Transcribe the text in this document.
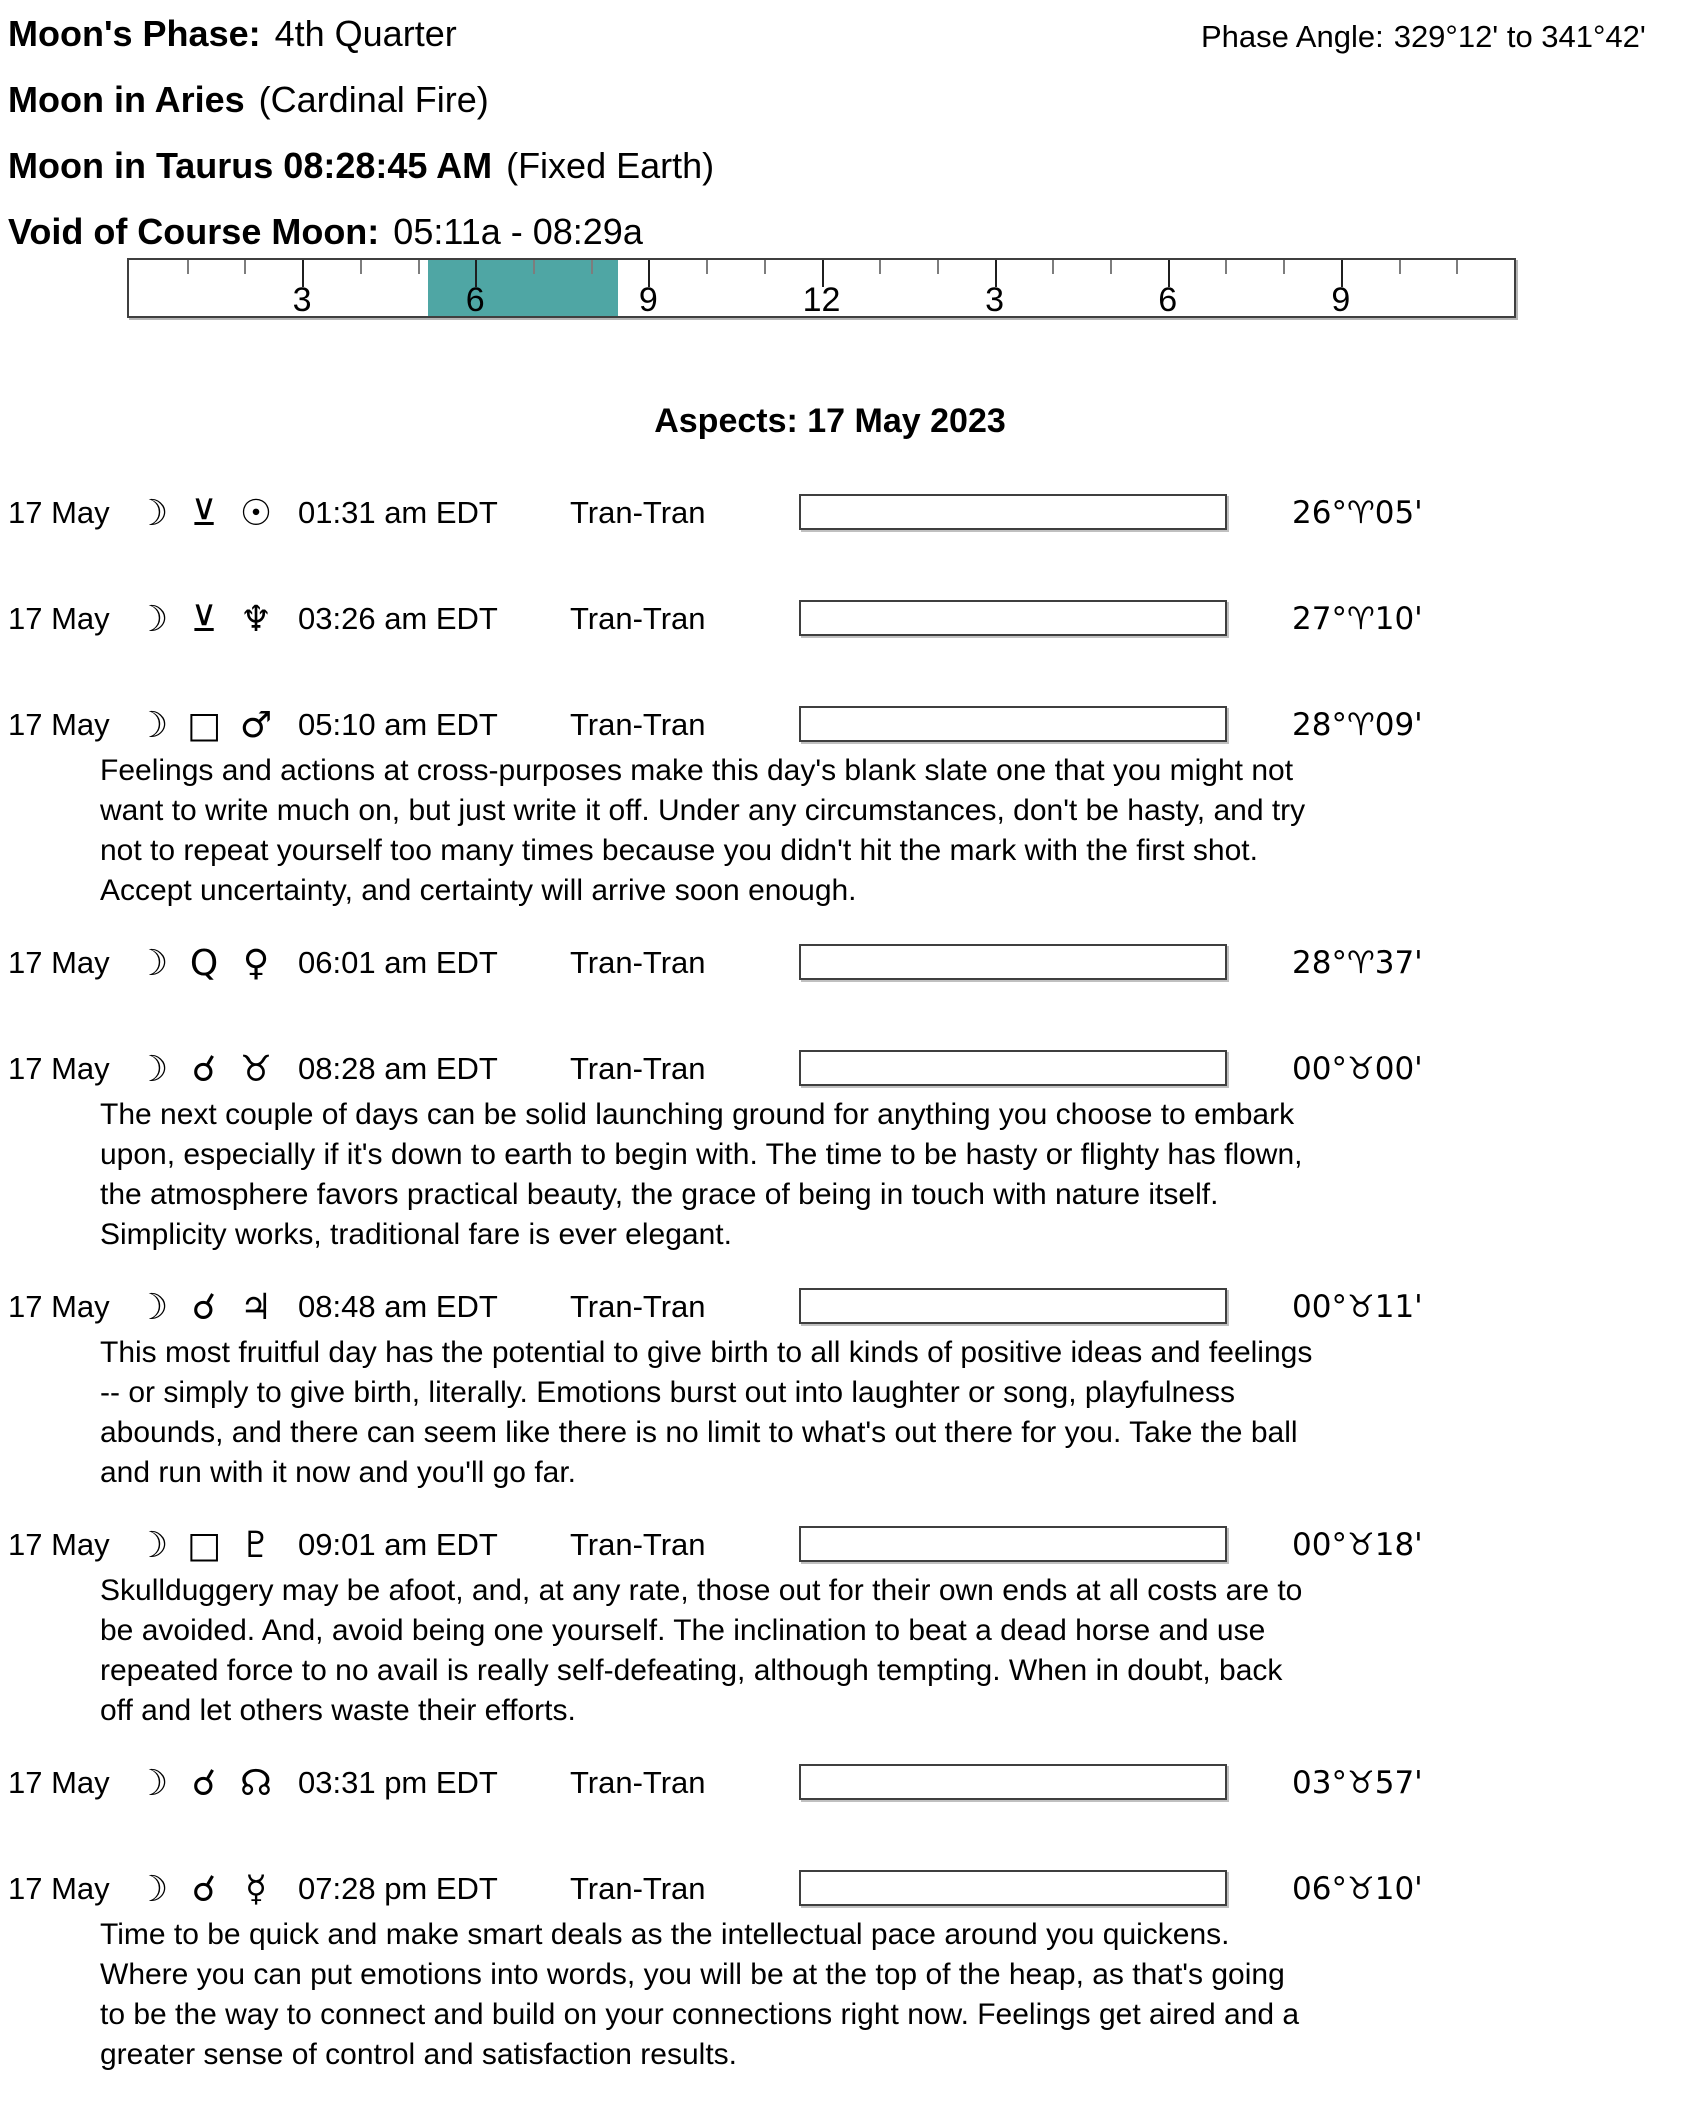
Moon's Phase: 4th Quarter	Phase Angle: 329°12' to 341°42'
Moon in Aries (Cardinal Fire)
Moon in Taurus 08:28:45 AM (Fixed Earth)
Void of Course Moon: 05:11a - 08:29a
3	6	9	12	3	6	9
Aspects: 17 May 2023
17 May ☽ ⊻ ☉ 01:31 am EDT	Tran-Tran	26°♈05'
17 May ☽ ⊻ ♆ 03:26 am EDT	Tran-Tran	27°♈10'
17 May ☽ □ ♂ 05:10 am EDT	Tran-Tran	28°♈09'
Feelings and actions at cross-purposes make this day's blank slate one that you might not want to write much on, but just write it off. Under any circumstances, don't be hasty, and try not to repeat yourself too many times because you didn't hit the mark with the first shot. Accept uncertainty, and certainty will arrive soon enough.
17 May ☽ Q ♀ 06:01 am EDT	Tran-Tran	28°♈37'
17 May ☽ ☌ ♉ 08:28 am EDT	Tran-Tran	00°♉00'
The next couple of days can be solid launching ground for anything you choose to embark upon, especially if it's down to earth to begin with. The time to be hasty or flighty has flown, the atmosphere favors practical beauty, the grace of being in touch with nature itself. Simplicity works, traditional fare is ever elegant.
17 May ☽ ☌ ♃ 08:48 am EDT	Tran-Tran	00°♉11'
This most fruitful day has the potential to give birth to all kinds of positive ideas and feelings -- or simply to give birth, literally. Emotions burst out into laughter or song, playfulness abounds, and there can seem like there is no limit to what's out there for you. Take the ball and run with it now and you'll go far.
17 May ☽ □ ♇ 09:01 am EDT	Tran-Tran	00°♉18'
Skullduggery may be afoot, and, at any rate, those out for their own ends at all costs are to be avoided. And, avoid being one yourself. The inclination to beat a dead horse and use repeated force to no avail is really self-defeating, although tempting. When in doubt, back off and let others waste their efforts.
17 May ☽ ☌ ☊ 03:31 pm EDT	Tran-Tran	03°♉57'
17 May ☽ ☌ ☿ 07:28 pm EDT	Tran-Tran	06°♉10'
Time to be quick and make smart deals as the intellectual pace around you quickens. Where you can put emotions into words, you will be at the top of the heap, as that's going to be the way to connect and build on your connections right now. Feelings get aired and a greater sense of control and satisfaction results.
